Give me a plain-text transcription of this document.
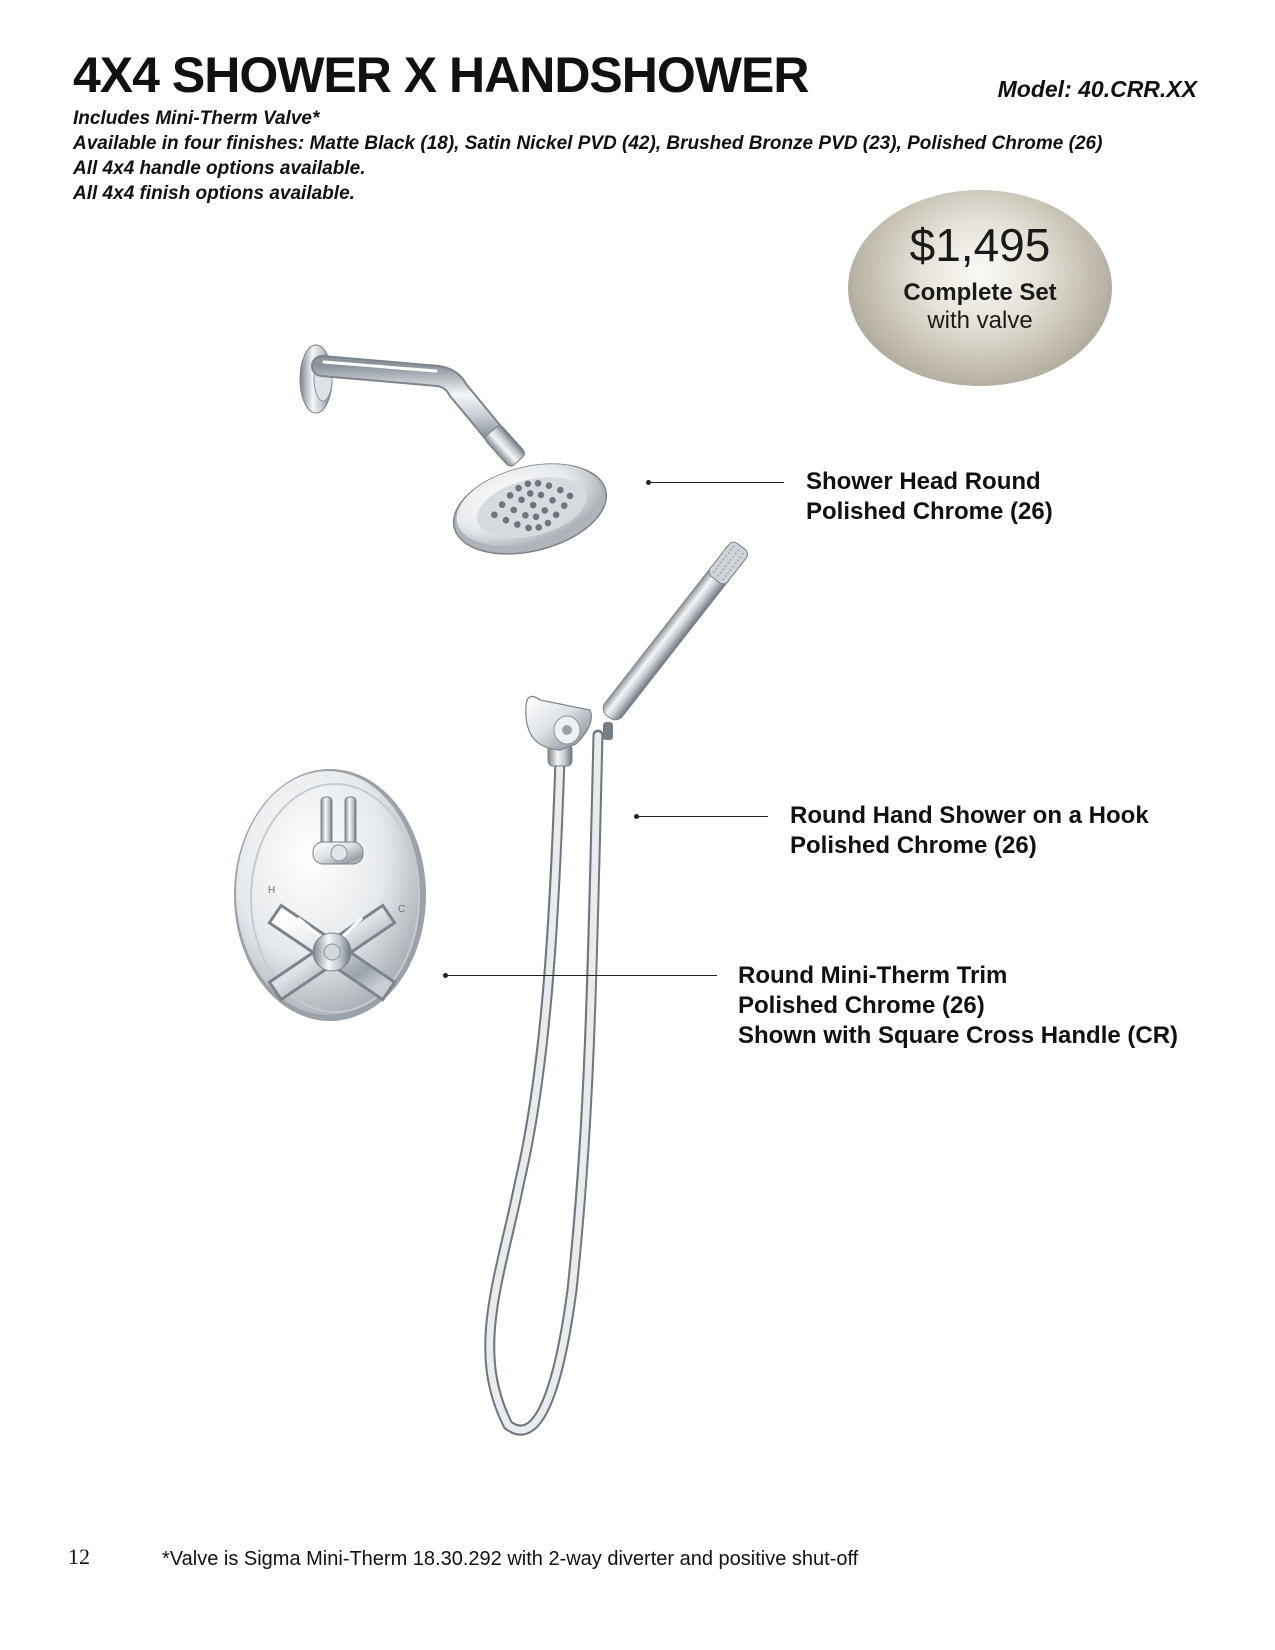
4X4 SHOWER X HANDSHOWER	Model: 40.CRR.XX
Includes Mini-Therm Valve*
Available in four finishes: Matte Black (18), Satin Nickel PVD (42), Brushed Bronze PVD (23), Polished Chrome (26)
All 4x4 handle options available.
All 4x4 finish options available.
$1,495
Complete Set
with valve
H
C
Shower Head Round
Polished Chrome (26)
Round Hand Shower on a Hook
Polished Chrome (26)
Round Mini-Therm Trim
Polished Chrome (26)
Shown with Square Cross Handle (CR)
12	*Valve is Sigma Mini-Therm 18.30.292 with 2-way diverter and positive shut-off
